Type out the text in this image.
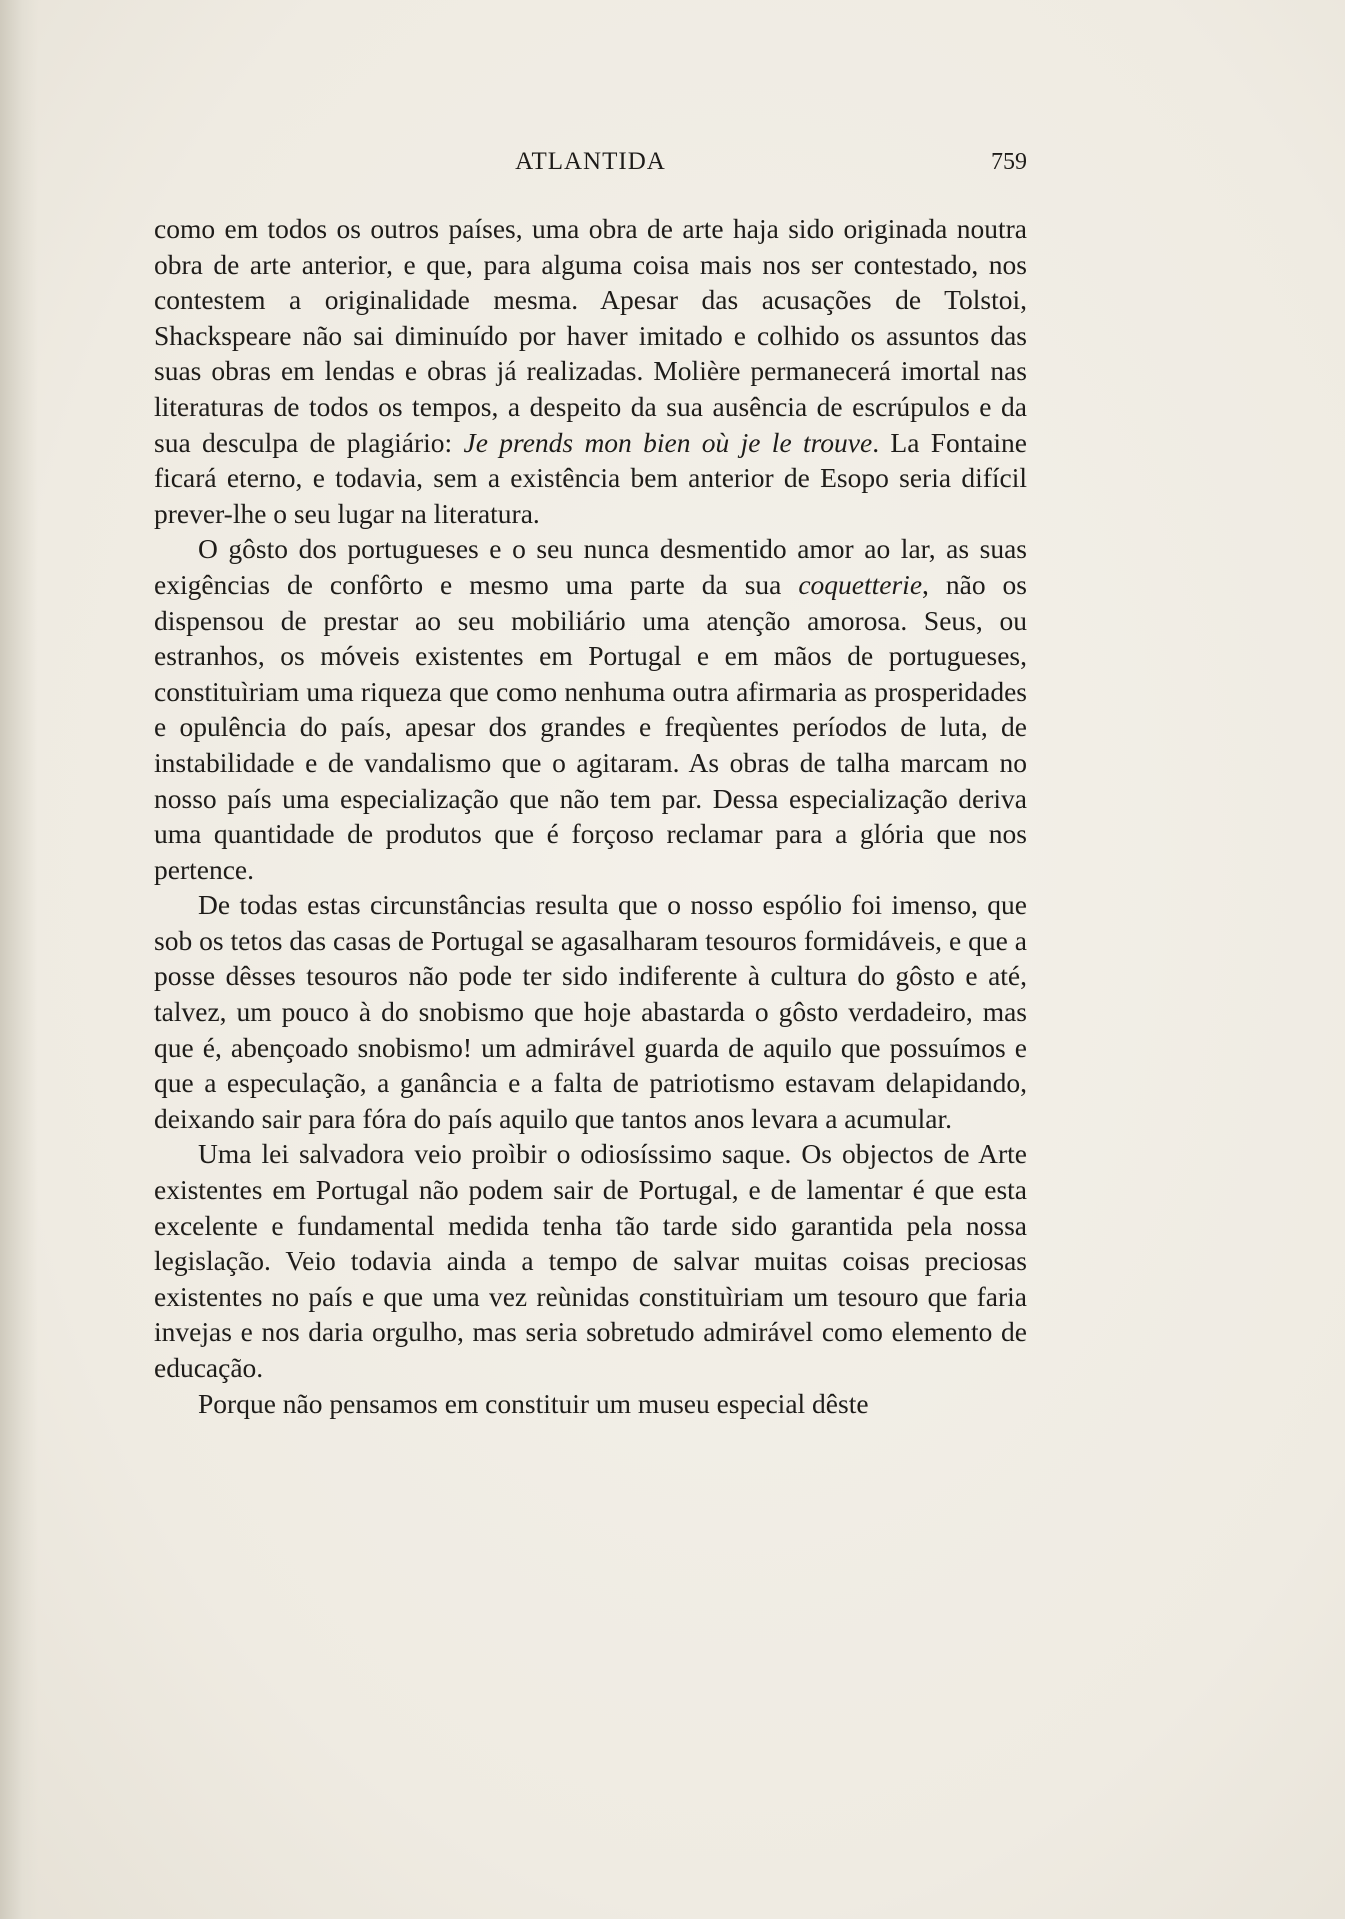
ATLANTIDA	759

como em todos os outros países, uma obra de arte haja sido originada noutra obra de arte anterior, e que, para alguma coisa mais nos ser contestado, nos contestem a originalidade mesma. Apesar das acusações de Tolstoi, Shackspeare não sai diminuído por haver imitado e colhido os assuntos das suas obras em lendas e obras já realizadas. Molière permanecerá imortal nas literaturas de todos os tempos, a despeito da sua ausência de escrúpulos e da sua desculpa de plagiário: Je prends mon bien où je le trouve. La Fontaine ficará eterno, e todavia, sem a existência bem anterior de Esopo seria difícil prever-lhe o seu lugar na literatura.

O gôsto dos portugueses e o seu nunca desmentido amor ao lar, as suas exigências de confôrto e mesmo uma parte da sua coquetterie, não os dispensou de prestar ao seu mobiliário uma atenção amorosa. Seus, ou estranhos, os móveis existentes em Portugal e em mãos de portugueses, constituìriam uma riqueza que como nenhuma outra afirmaria as prosperidades e opulência do país, apesar dos grandes e freqùentes períodos de luta, de instabilidade e de vandalismo que o agitaram. As obras de talha marcam no nosso país uma especialização que não tem par. Dessa especialização deriva uma quantidade de produtos que é forçoso reclamar para a glória que nos pertence.

De todas estas circunstâncias resulta que o nosso espólio foi imenso, que sob os tetos das casas de Portugal se agasalharam tesouros formidáveis, e que a posse dêsses tesouros não pode ter sido indiferente à cultura do gôsto e até, talvez, um pouco à do snobismo que hoje abastarda o gôsto verdadeiro, mas que é, abençoado snobismo! um admirável guarda de aquilo que possuímos e que a especulação, a ganância e a falta de patriotismo estavam delapidando, deixando sair para fóra do país aquilo que tantos anos levara a acumular.

Uma lei salvadora veio proìbir o odiosíssimo saque. Os objectos de Arte existentes em Portugal não podem sair de Portugal, e de lamentar é que esta excelente e fundamental medida tenha tão tarde sido garantida pela nossa legislação. Veio todavia ainda a tempo de salvar muitas coisas preciosas existentes no país e que uma vez reùnidas constituìriam um tesouro que faria invejas e nos daria orgulho, mas seria sobretudo admirável como elemento de educação.

Porque não pensamos em constituir um museu especial dêste
